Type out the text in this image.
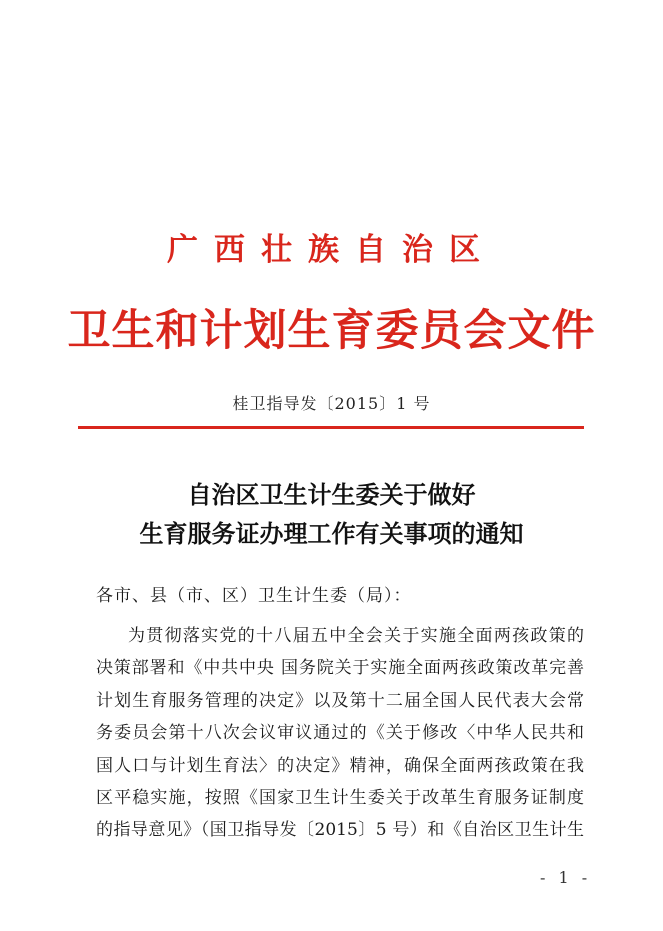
广西壮族自治区
卫生和计划生育委员会文件
桂卫指导发〔2015〕1 号
自治区卫生计生委关于做好
生育服务证办理工作有关事项的通知
各市、县（市、区）卫生计生委（局）：
为贯彻落实党的十八届五中全会关于实施全面两孩政策的
决策部署和《中共中央 国务院关于实施全面两孩政策改革完善
计划生育服务管理的决定》以及第十二届全国人民代表大会常
务委员会第十八次会议审议通过的《关于修改〈中华人民共和
国人口与计划生育法〉的决定》精神，确保全面两孩政策在我
区平稳实施，按照《国家卫生计生委关于改革生育服务证制度
的指导意见》（国卫指导发〔2015〕5 号）和《自治区卫生计生
- 1 -
